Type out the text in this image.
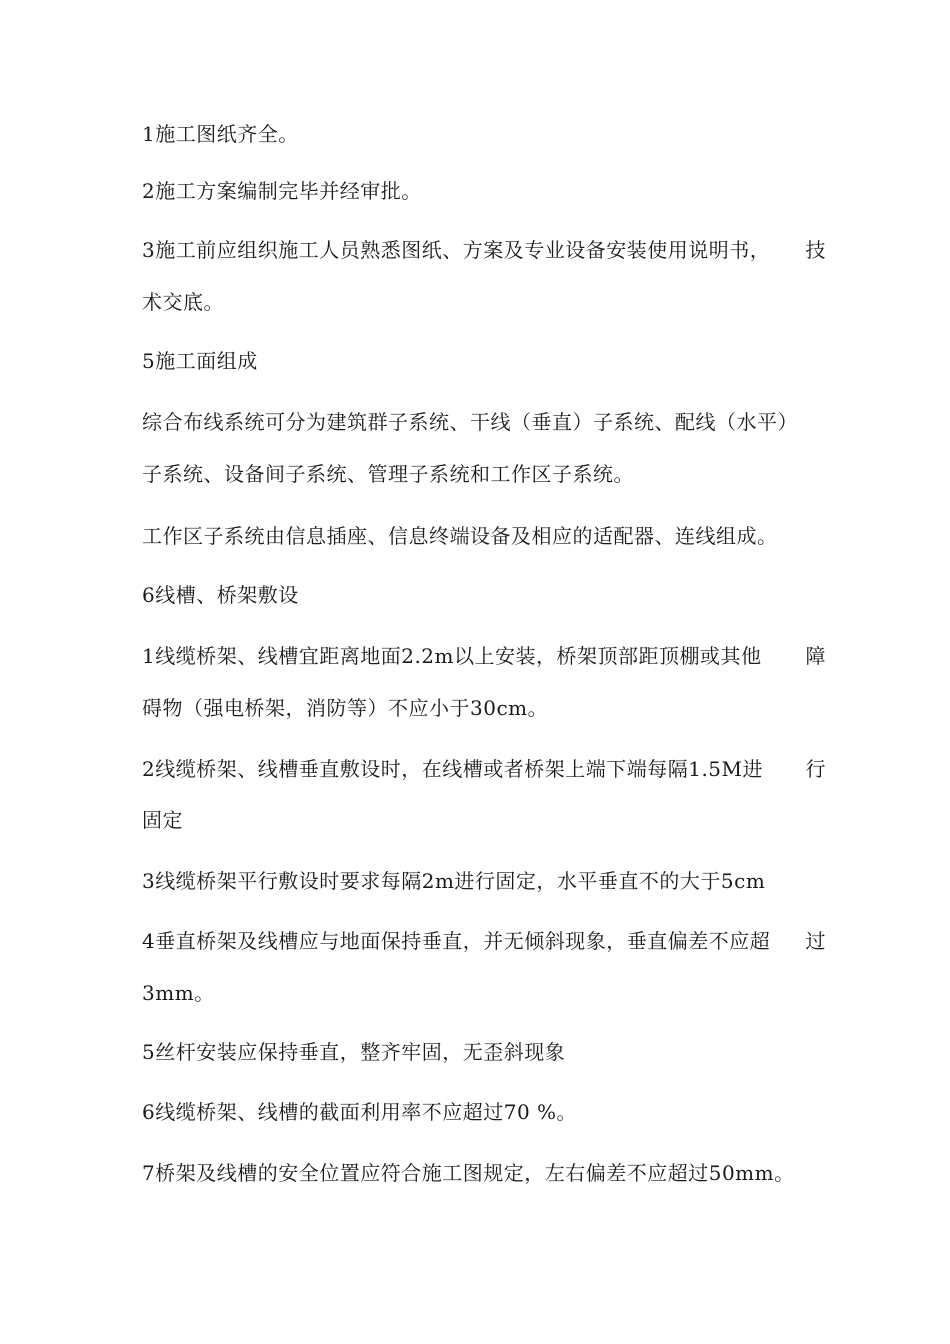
1施工图纸齐全。
2施工方案编制完毕并经审批。
3施工前应组织施工人员熟悉图纸、方案及专业设备安装使用说明书， 技
术交底。
5施工面组成
综合布线系统可分为建筑群子系统、干线（垂直）子系统、配线（水平）
子系统、设备间子系统、管理子系统和工作区子系统。
工作区子系统由信息插座、信息终端设备及相应的适配器、连线组成。
6线槽、桥架敷设
1线缆桥架、线槽宜距离地面2.2m以上安装，桥架顶部距顶棚或其他 障
碍物（强电桥架，消防等）不应小于30cm。
2线缆桥架、线槽垂直敷设时，在线槽或者桥架上端下端每隔1.5M进 行
固定
3线缆桥架平行敷设时要求每隔2m进行固定，水平垂直不的大于5cm
4垂直桥架及线槽应与地面保持垂直，并无倾斜现象，垂直偏差不应超 过
3mm。
5丝杆安装应保持垂直，整齐牢固，无歪斜现象
6线缆桥架、线槽的截面利用率不应超过70 %。
7桥架及线槽的安全位置应符合施工图规定，左右偏差不应超过50mm。
